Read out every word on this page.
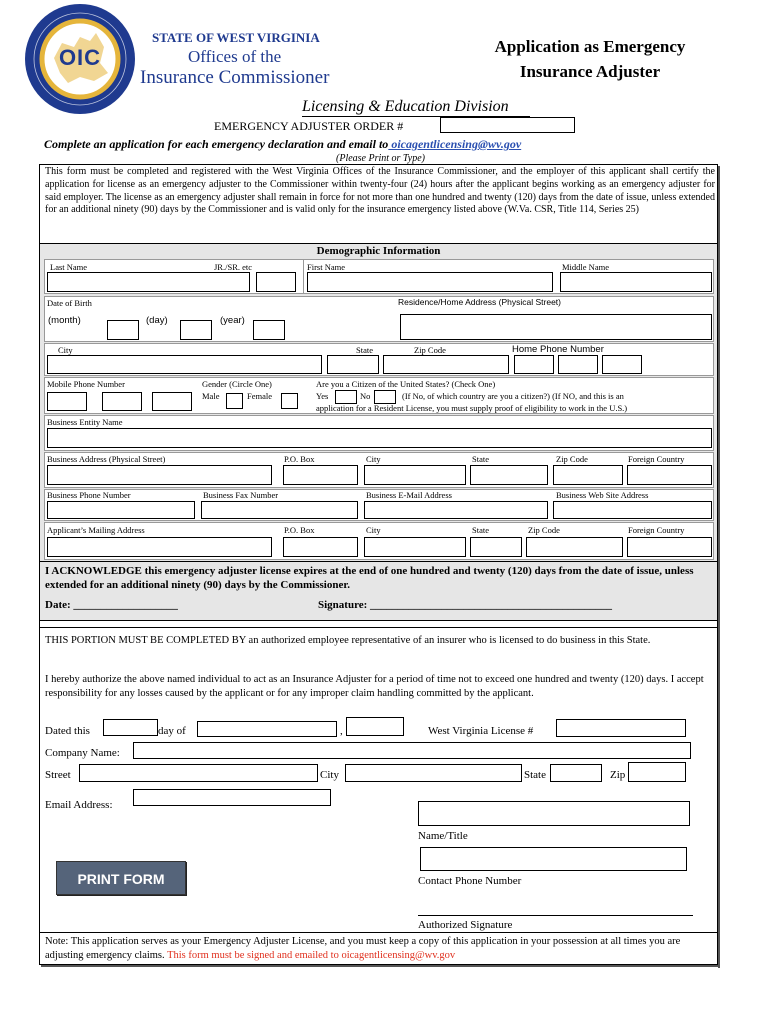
OIC
STATE OF WEST VIRGINIA
Offices of the
Insurance Commissioner
Application as Emergency
Insurance Adjuster
Licensing & Education Division
EMERGENCY ADJUSTER ORDER #
Complete an application for each emergency declaration and email to oicagentlicensing@wv.gov
(Please Print or Type)
This form must be completed and registered with the West Virginia Offices of the Insurance Commissioner, and the employer of this applicant shall certify the application for license as an emergency adjuster to the Commissioner within twenty-four (24) hours after the applicant begins working as an emergency adjuster for said employer. The license as an emergency adjuster shall remain in force for not more than one hundred and twenty (120) days from the date of issue, unless extended for an additional ninety (90) days by the Commissioner and is valid only for the insurance emergency listed above (W.Va. CSR, Title 114, Series 25)
Demographic Information
Last Name	JR./SR. etc	First Name	Middle Name
Date of Birth	Residence/Home Address (Physical Street)
(month)	(day)	(year)
City	State	Zip Code	Home Phone Number
Mobile Phone Number	Gender (Circle One)
Male	Female
Are you a Citizen of the United States? (Check One)
Yes	No	(If No, of which country are you a citizen?) (If NO, and this is an
application for a Resident License, you must supply proof of eligibility to work in the U.S.)
Business Entity Name
Business Address (Physical Street)	P.O. Box	City	State	Zip Code	Foreign Country
Business Phone Number	Business Fax Number	Business E-Mail Address	Business Web Site Address
Applicant’s Mailing Address	P.O. Box	City	State	Zip Code	Foreign Country
I ACKNOWLEDGE this emergency adjuster license expires at the end of one hundred and twenty (120) days from the date of issue, unless extended for an additional ninety (90) days by the Commissioner.
Date: ___________________	Signature: ____________________________________________
THIS PORTION MUST BE COMPLETED BY an authorized employee representative of an insurer who is licensed to do business in this State.
I hereby authorize the above named individual to act as an Insurance Adjuster for a period of time not to exceed one hundred and twenty (120) days. I accept responsibility for any losses caused by the applicant or for any improper claim handling committed by the applicant.
Dated this	day of	,	West Virginia License #
Company Name:
Street	City	State	Zip
Email Address:
Name/Title
Contact Phone Number
PRINT FORM
Authorized Signature
Note: This application serves as your Emergency Adjuster License, and you must keep a copy of this application in your possession at all times you are adjusting emergency claims. This form must be signed and emailed to oicagentlicensing@wv.gov
